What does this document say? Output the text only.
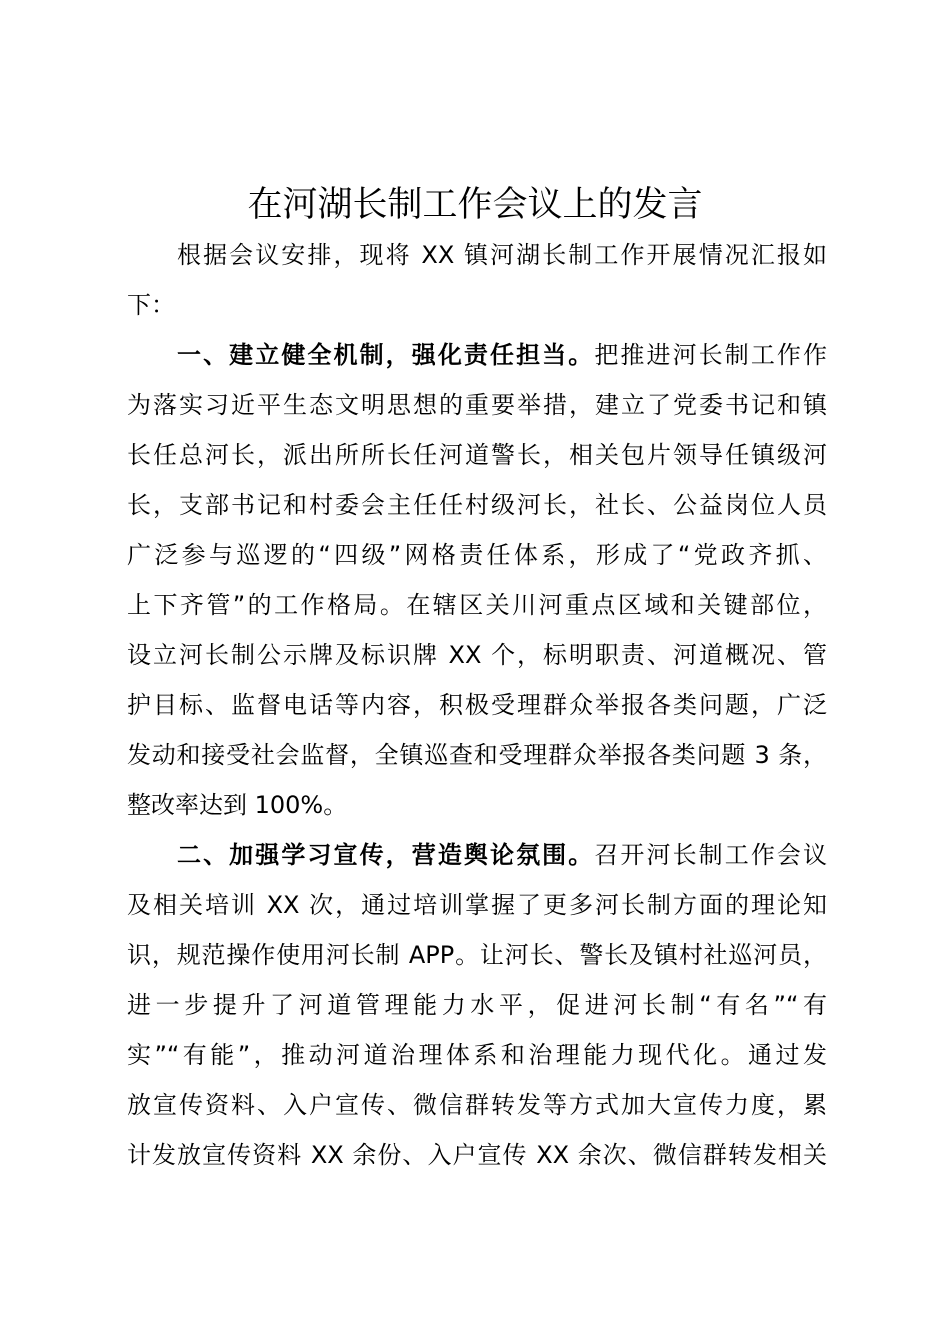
在河湖长制工作会议上的发言
根据会议安排，现将 XX 镇河湖长制工作开展情况汇报如
下：
一、建立健全机制，强化责任担当。把推进河长制工作作
为落实习近平生态文明思想的重要举措，建立了党委书记和镇
长任总河长，派出所所长任河道警长，相关包片领导任镇级河
长，支部书记和村委会主任任村级河长，社长、公益岗位人员
广泛参与巡逻的“四级”网格责任体系，形成了“党政齐抓、
上下齐管”的工作格局。在辖区关川河重点区域和关键部位，
设立河长制公示牌及标识牌 XX 个，标明职责、河道概况、管
护目标、监督电话等内容，积极受理群众举报各类问题，广泛
发动和接受社会监督，全镇巡查和受理群众举报各类问题 3 条，
整改率达到 100%。
二、加强学习宣传，营造舆论氛围。召开河长制工作会议
及相关培训 XX 次，通过培训掌握了更多河长制方面的理论知
识，规范操作使用河长制 APP。让河长、警长及镇村社巡河员，
进一步提升了河道管理能力水平，促进河长制“有名”“有
实”“有能”，推动河道治理体系和治理能力现代化。通过发
放宣传资料、入户宣传、微信群转发等方式加大宣传力度，累
计发放宣传资料 XX 余份、入户宣传 XX 余次、微信群转发相关
